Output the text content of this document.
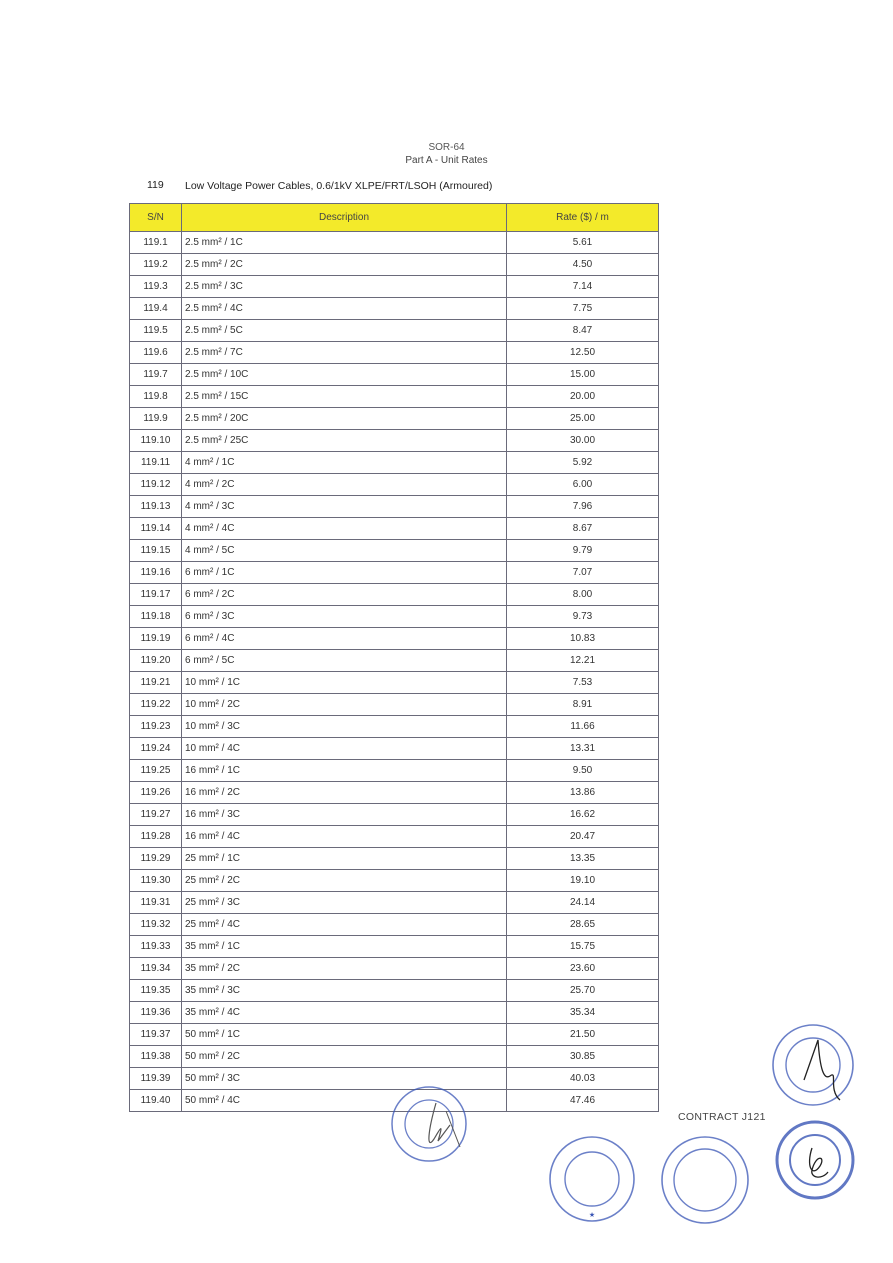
SOR-64
Part A - Unit Rates
119 Low Voltage Power Cables, 0.6/1kV XLPE/FRT/LSOH (Armoured)
S/N	Description	Rate ($) / m
119.1	2.5 mm² / 1C	5.61
119.2	2.5 mm² / 2C	4.50
119.3	2.5 mm² / 3C	7.14
119.4	2.5 mm² / 4C	7.75
119.5	2.5 mm² / 5C	8.47
119.6	2.5 mm² / 7C	12.50
119.7	2.5 mm² / 10C	15.00
119.8	2.5 mm² / 15C	20.00
119.9	2.5 mm² / 20C	25.00
119.10	2.5 mm² / 25C	30.00
119.11	4 mm² / 1C	5.92
119.12	4 mm² / 2C	6.00
119.13	4 mm² / 3C	7.96
119.14	4 mm² / 4C	8.67
119.15	4 mm² / 5C	9.79
119.16	6 mm² / 1C	7.07
119.17	6 mm² / 2C	8.00
119.18	6 mm² / 3C	9.73
119.19	6 mm² / 4C	10.83
119.20	6 mm² / 5C	12.21
119.21	10 mm² / 1C	7.53
119.22	10 mm² / 2C	8.91
119.23	10 mm² / 3C	11.66
119.24	10 mm² / 4C	13.31
119.25	16 mm² / 1C	9.50
119.26	16 mm² / 2C	13.86
119.27	16 mm² / 3C	16.62
119.28	16 mm² / 4C	20.47
119.29	25 mm² / 1C	13.35
119.30	25 mm² / 2C	19.10
119.31	25 mm² / 3C	24.14
119.32	25 mm² / 4C	28.65
119.33	35 mm² / 1C	15.75
119.34	35 mm² / 2C	23.60
119.35	35 mm² / 3C	25.70
119.36	35 mm² / 4C	35.34
119.37	50 mm² / 1C	21.50
119.38	50 mm² / 2C	30.85
119.39	50 mm² / 3C	40.03
119.40	50 mm² / 4C	47.46
CONTRACT J121
★
